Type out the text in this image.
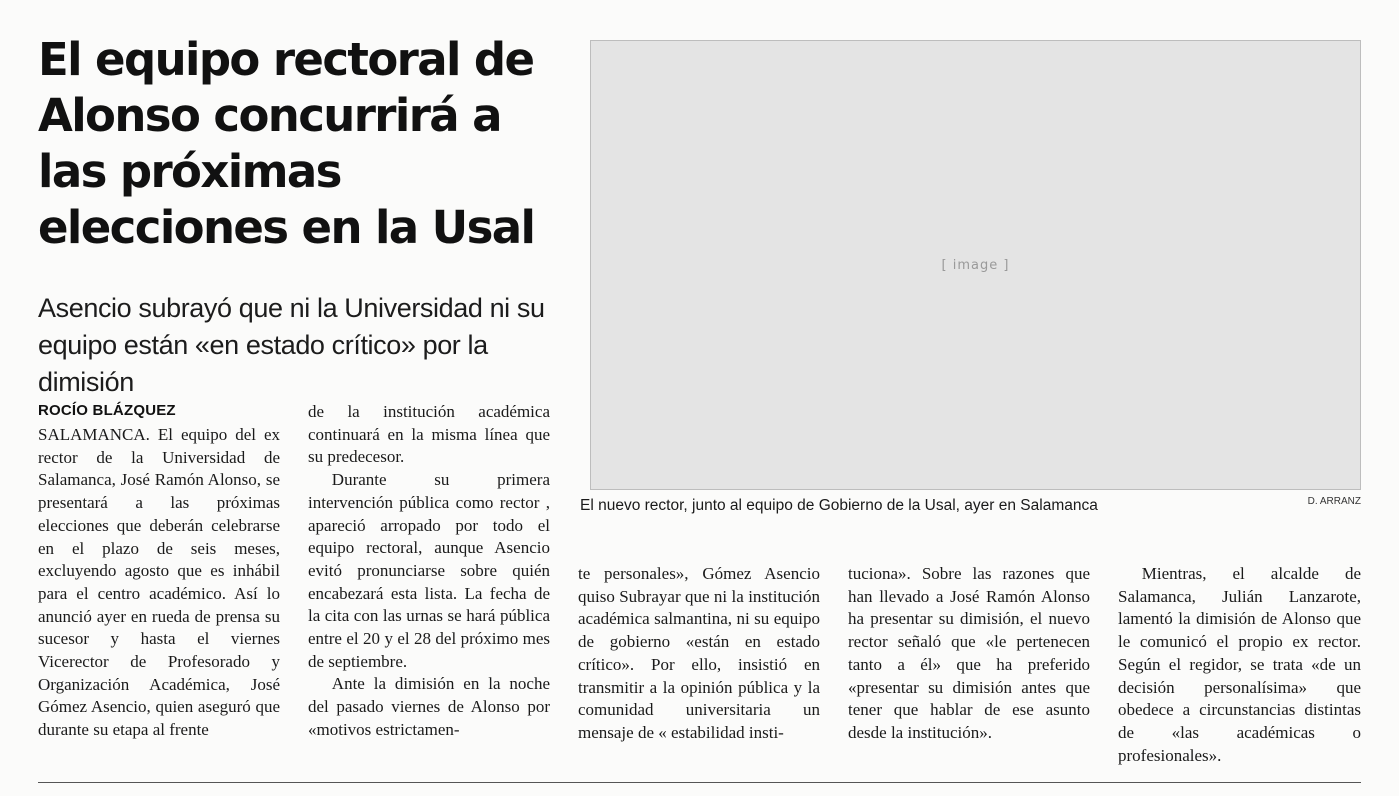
El equipo rectoral de
Alonso concurrirá a
las próximas
elecciones en la Usal
Asencio subrayó que ni la Universidad ni su equipo están «en estado crítico» por la dimisión
ROCÍO BLÁZQUEZ
[ image ]
El nuevo rector, junto al equipo de Gobierno de la Usal, ayer en Salamanca	D. ARRANZ

SALAMANCA. El equipo del ex rector de la Universidad de Salamanca, José Ramón Alonso, se presentará a las próximas elecciones que deberán celebrarse en el plazo de seis meses, excluyendo agosto que es inhábil para el centro académico. Así lo anunció ayer en rueda de prensa su sucesor y hasta el viernes Vicerector de Profesorado y Organización Académica, José Gómez Asencio, quien aseguró que durante su etapa al frente

de la institución académica continuará en la misma línea que su predecesor.

Durante su primera intervención pública como rector , apareció arropado por todo el equipo rectoral, aunque Asencio evitó pronunciarse sobre quién encabezará esta lista. La fecha de la cita con las urnas se hará pública entre el 20 y el 28 del próximo mes de septiembre.

Ante la dimisión en la noche del pasado viernes de Alonso por «motivos estrictamen-

te personales», Gómez Asencio quiso Subrayar que ni la institución académica salmantina, ni su equipo de gobierno «están en estado crítico». Por ello, insistió en transmitir a la opinión pública y la comunidad universitaria un mensaje de « estabilidad insti-

tuciona». Sobre las razones que han llevado a José Ramón Alonso ha presentar su dimisión, el nuevo rector señaló que «le pertenecen tanto a él» que ha preferido «presentar su dimisión antes que tener que hablar de ese asunto desde la institución».

Mientras, el alcalde de Salamanca, Julián Lanzarote, lamentó la dimisión de Alonso que le comunicó el propio ex rector. Según el regidor, se trata «de un decisión personalísima» que obedece a circunstancias distintas de «las académicas o profesionales».
